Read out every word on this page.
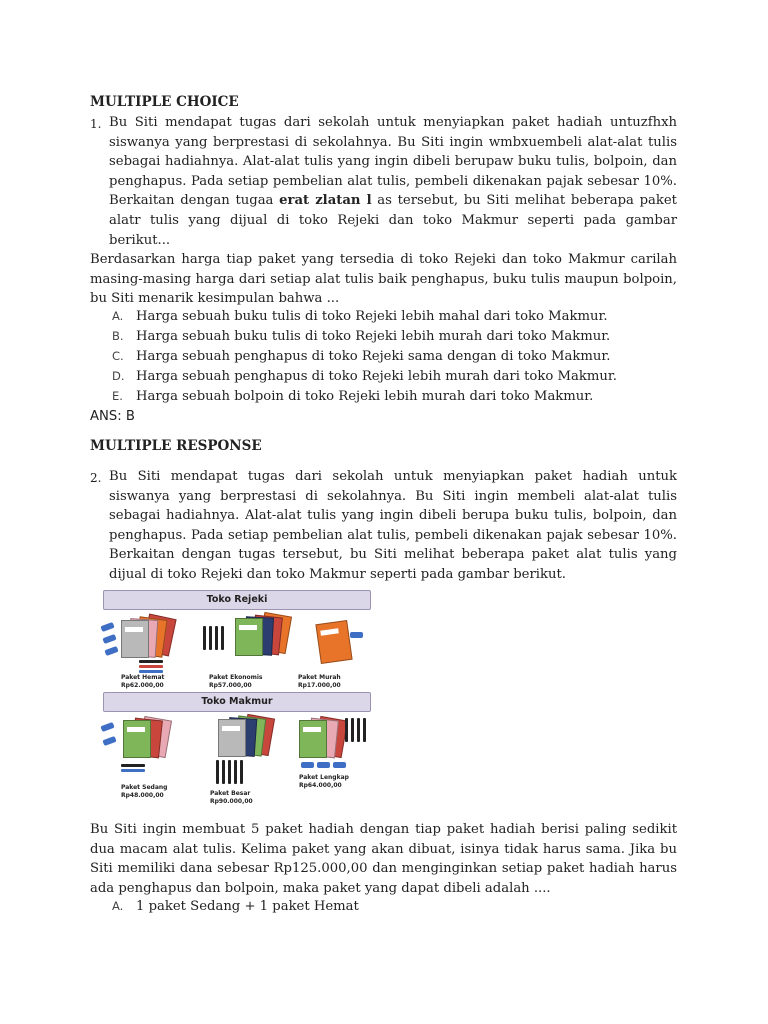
MULTIPLE CHOICE
1. Bu Siti mendapat tugas dari sekolah untuk menyiapkan paket hadiah untuzfhxh siswanya yang berprestasi di sekolahnya. Bu Siti ingin wmbxuembeli alat-alat tulis sebagai hadiahnya. Alat-alat tulis yang ingin dibeli berupaw buku tulis, bolpoin, dan penghapus. Pada setiap pembelian alat tulis, pembeli dikenakan pajak sebesar 10%. Berkaitan dengan tugaa erat zlatan l as tersebut, bu Siti melihat beberapa paket alatr tulis yang dijual di toko Rejeki dan toko Makmur seperti pada gambar berikut...
Berdasarkan harga tiap paket yang tersedia di toko Rejeki dan toko Makmur carilah masing-masing harga dari setiap alat tulis baik penghapus, buku tulis maupun bolpoin, bu Siti menarik kesimpulan bahwa ...
A. Harga sebuah buku tulis di toko Rejeki lebih mahal dari toko Makmur.
B. Harga sebuah buku tulis di toko Rejeki lebih murah dari toko Makmur.
C. Harga sebuah penghapus di toko Rejeki sama dengan di toko Makmur.
D. Harga sebuah penghapus di toko Rejeki lebih murah dari toko Makmur.
E. Harga sebuah bolpoin di toko Rejeki lebih murah dari toko Makmur.
ANS: B
MULTIPLE RESPONSE
2. Bu Siti mendapat tugas dari sekolah untuk menyiapkan paket hadiah untuk siswanya yang berprestasi di sekolahnya. Bu Siti ingin membeli alat-alat tulis sebagai hadiahnya. Alat-alat tulis yang ingin dibeli berupa buku tulis, bolpoin, dan penghapus. Pada setiap pembelian alat tulis, pembeli dikenakan pajak sebesar 10%. Berkaitan dengan tugas tersebut, bu Siti melihat beberapa paket alat tulis yang dijual di toko Rejeki dan toko Makmur seperti pada gambar berikut.
Toko Rejeki
Paket Hemat
Rp62.000,00
Paket Ekonomis
Rp57.000,00
Paket Murah
Rp17.000,00
Toko Makmur
Paket Sedang
Rp48.000,00	Paket Besar
Rp90.000,00
Paket Lengkap
Rp64.000,00
Bu Siti ingin membuat 5 paket hadiah dengan tiap paket hadiah berisi paling sedikit dua macam alat tulis. Kelima paket yang akan dibuat, isinya tidak harus sama. Jika bu Siti memiliki dana sebesar Rp125.000,00 dan menginginkan setiap paket hadiah harus ada penghapus dan bolpoin, maka paket yang dapat dibeli adalah ....
A. 1 paket Sedang + 1 paket Hemat
